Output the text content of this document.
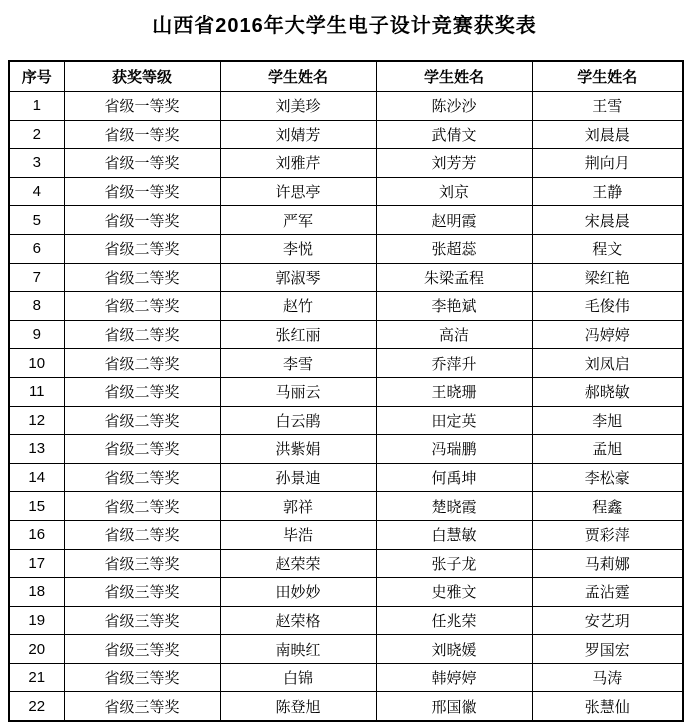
山西省2016年大学生电子设计竞赛获奖表
序号	获奖等级	学生姓名	学生姓名	学生姓名
1	省级一等奖	刘美珍	陈沙沙	王雪
2	省级一等奖	刘婧芳	武倩文	刘晨晨
3	省级一等奖	刘雅芹	刘芳芳	荆向月
4	省级一等奖	许思亭	刘京	王静
5	省级一等奖	严军	赵明霞	宋晨晨
6	省级二等奖	李悦	张超蕊	程文
7	省级二等奖	郭淑琴	朱梁孟程	梁红艳
8	省级二等奖	赵竹	李艳斌	毛俊伟
9	省级二等奖	张红丽	高洁	冯婷婷
10	省级二等奖	李雪	乔萍升	刘凤启
11	省级二等奖	马丽云	王晓珊	郝晓敏
12	省级二等奖	白云鹃	田定英	李旭
13	省级二等奖	洪紫娟	冯瑞鹏	孟旭
14	省级二等奖	孙景迪	何禹坤	李松豪
15	省级二等奖	郭祥	楚晓霞	程鑫
16	省级二等奖	毕浩	白慧敏	贾彩萍
17	省级三等奖	赵荣荣	张子龙	马莉娜
18	省级三等奖	田妙妙	史雅文	孟沾霆
19	省级三等奖	赵荣格	任兆荣	安艺玥
20	省级三等奖	南映红	刘晓媛	罗国宏
21	省级三等奖	白锦	韩婷婷	马涛
22	省级三等奖	陈登旭	邢国徽	张慧仙
